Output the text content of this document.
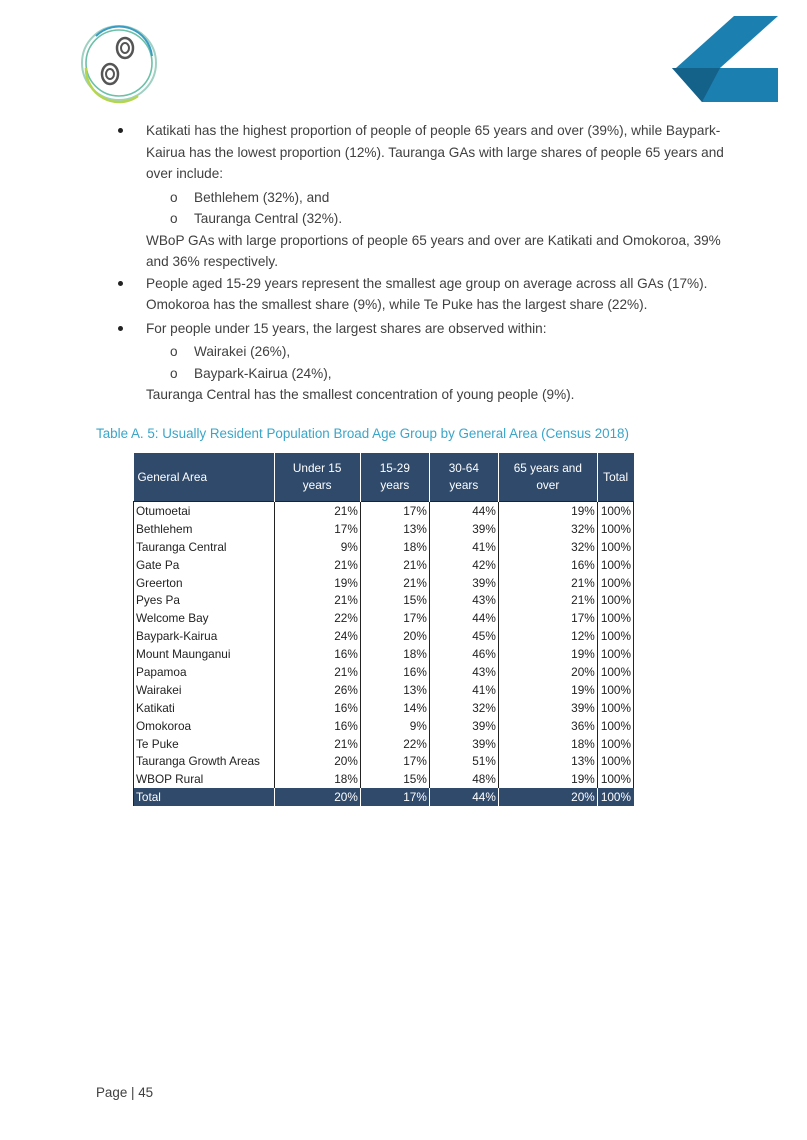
Katikati has the highest proportion of people of people 65 years and over (39%), while Baypark-Kairua has the lowest proportion (12%). Tauranga GAs with large shares of people 65 years and over include:
o Bethlehem (32%), and
o Tauranga Central (32%).
WBoP GAs with large proportions of people 65 years and over are Katikati and Omokoroa, 39% and 36% respectively.
People aged 15-29 years represent the smallest age group on average across all GAs (17%). Omokoroa has the smallest share (9%), while Te Puke has the largest share (22%).
For people under 15 years, the largest shares are observed within:
o Wairakei (26%),
o Baypark-Kairua (24%),
Tauranga Central has the smallest concentration of young people (9%).
Table A. 5: Usually Resident Population Broad Age Group by General Area (Census 2018)
General Area	Under 15 years	15-29 years	30-64 years	65 years and over	Total
Otumoetai	21%	17%	44%	19%	100%
Bethlehem	17%	13%	39%	32%	100%
Tauranga Central	9%	18%	41%	32%	100%
Gate Pa	21%	21%	42%	16%	100%
Greerton	19%	21%	39%	21%	100%
Pyes Pa	21%	15%	43%	21%	100%
Welcome Bay	22%	17%	44%	17%	100%
Baypark-Kairua	24%	20%	45%	12%	100%
Mount Maunganui	16%	18%	46%	19%	100%
Papamoa	21%	16%	43%	20%	100%
Wairakei	26%	13%	41%	19%	100%
Katikati	16%	14%	32%	39%	100%
Omokoroa	16%	9%	39%	36%	100%
Te Puke	21%	22%	39%	18%	100%
Tauranga Growth Areas	20%	17%	51%	13%	100%
WBOP Rural	18%	15%	48%	19%	100%
Total	20%	17%	44%	20%	100%
Page | 45
